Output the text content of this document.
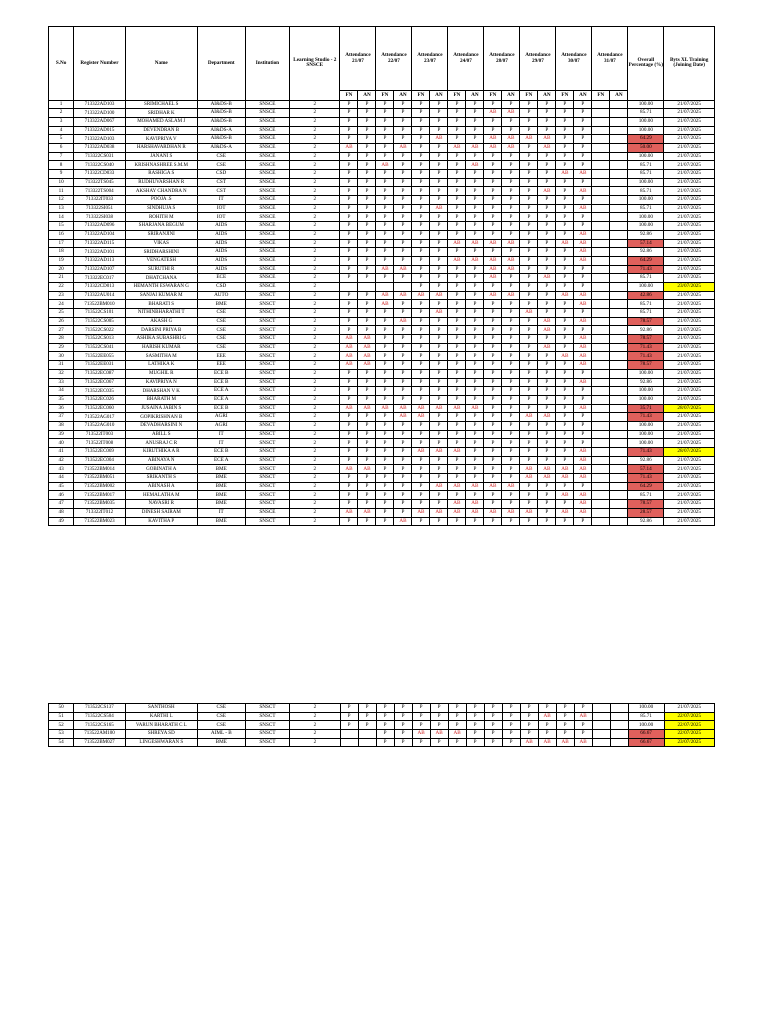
S.No	Register Number	Name	Department	Institution	Learning Studio - 2 SNSCE	Attendance 21/07		Attendance 22/07		Attendance 23/07		Attendance 24/07		Attendance 28/07		Attendance 29/07		Attendance 30/07		Attendance 31/07		Overall Percentage (%)	Byts XL Training (Joining Date)
						FN	AN	FN	AN	FN	AN	FN	AN	FN	AN	FN	AN	FN	AN	FN	AN		
1	713322AD103	SRIMICHAEL S	AI&DS-B	SNSCE	2	P	P	P	P	P	P	P	P	P	P	P	P	P	P			100.00	21/07/2025
2	713322AD100	SRIDHAR K	AI&DS-B	SNSCE	2	P	P	P	P	P	P	P	P	AB	AB	P	P	P	P			85.71	21/07/2025
3	713322AD067	MOHAMED ASLAM J	AI&DS-B	SNSCE	2	P	P	P	P	P	P	P	P	P	P	P	P	P	P			100.00	21/07/2025
4	713322AD015	DEVENDRAN B	AI&DS-A	SNSCE	2	P	P	P	P	P	P	P	P	P	P	P	P	P	P			100.00	21/07/2025
5	713322AD103	KAVIPRIYA V	AI&DS-B	SNSCE	2	P	P	P	P	P	AB	P	P	AB	AB	AB	AB	P	P			64.29	21/07/2025
6	713322AD038	HARSHAVARDHAN R	AI&DS-A	SNSCE	2	AB	P	P	AB	P	P	AB	AB	AB	AB	P	AB	P	P			50.00	21/07/2025
7	713322CS031	JANANI S	CSE	SNSCE	2	P	P	P	P	P	P	P	P	P	P	P	P	P	P			100.00	21/07/2025
8	713322CS040	KRISHNASHREE S.M.M	CSE	SNSCE	2	P	P	AB	P	P	P	P	AB	P	P	P	P	P	P			85.71	21/07/2025
9	713322CD033	RASHIGA S	CSD	SNSCE	2	P	P	P	P	P	P	P	P	P	P	P	P	AB	AB			85.71	21/07/2025
10	713322TS045	RUDHUVARSHAN R	CST	SNSCE	2	P	P	P	P	P	P	P	P	P	P	P	P	P	P			100.00	21/07/2025
11	713322TS004	AKSHAY CHANDRA N	CST	SNSCE	2	P	P	P	P	P	P	P	P	P	P	P	AB	P	AB			85.71	21/07/2025
12	713322IT033	POOJA .S	IT	SNSCE	2	P	P	P	P	P	P	P	P	P	P	P	P	P	P			100.00	21/07/2025
13	713322SI051	SINDHUJA S	IOT	SNSCE	2	P	P	P	P	P	AB	P	P	P	P	P	P	P	AB			85.71	21/07/2025
14	713322SI038	ROHITH M	IOT	SNSCE	2	P	P	P	P	P	P	P	P	P	P	P	P	P	P			100.00	21/07/2025
15	713322AD096	SHARJANA BEGUM	AIDS	SNSCE	2	P	P	P	P	P	P	P	P	P	P	P	P	P	P			100.00	21/07/2025
16	713322AD104	SRIRANJINI	AIDS	SNSCE	2	P	P	P	P	P	P	P	P	P	P	P	P	P	AB			92.86	21/07/2025
17	713322AD115	VIKAS	AIDS	SNSCE	2	P	P	P	P	P	P	AB	AB	AB	AB	P	P	AB	AB			57.14	21/07/2025
18	713322AD101	SRIDHARSHINI	AIDS	SNSCE	2	P	P	P	P	P	P	P	P	P	P	P	P	P	AB			92.86	21/07/2025
19	713322AD113	VENGATESH	AIDS	SNSCE	2	P	P	P	P	P	P	AB	AB	AB	AB	P	P	P	AB			64.29	21/07/2025
20	713322AD107	SURUTHI R	AIDS	SNSCE	2	P	P	AB	AB	P	P	P	P	AB	AB	P	P	P	P			71.43	21/07/2025
21	713322EC017	DHATCHANA	ECE	SNSCE	2	P	P	P	P	P	P	P	P	AB	P	P	AB	P	P			85.71	21/07/2025
22	713322CD013	HEMANTH ESWARAN G	CSD	SNSCE	2					P	P	P	P	P	P	P	P	P	P			100.00	23/07/2025
23	713322AU014	SANJAI KUMAR M	AUTO	SNSCT	2	P	P	AB	AB	AB	AB	P	P	AB	AB	P	P	AB	AB			42.86	21/07/2025
24	713522BM010	BHARATI S	BME	SNSCT	2	P	P	AB	P	P	P	P	P	P	P	P	P	P	AB			85.71	21/07/2025
25	713522CS101	NITHINBHARATHI T	CSE	SNSCT	2	P	P	P	P	P	AB	P	P	P	P	AB	P	P	P			85.71	21/07/2025
26	713522CS005	AKASH G	CSE	SNSCT	2	P	P	P	AB	P	P	P	P	P	P	P	AB	P	AB			78.57	21/07/2025
27	713522CS022	DARSINI PRIYA B	CSE	SNSCT	2	P	P	P	P	P	P	P	P	P	P	P	AB	P	P			92.86	21/07/2025
28	713522CS013	ASHIKA SUBASHRI G	CSE	SNSCT	2	AB	AB	P	P	P	P	P	P	P	P	P	P	P	AB			78.57	21/07/2025
29	713522CS041	HARISH KUMAR	CSE	SNSCT	2	AB	AB	P	P	P	P	P	P	P	P	P	AB	P	AB			71.43	21/07/2025
30	713522EE055	SASMITHA M	EEE	SNSCT	2	AB	AB	P	P	P	P	P	P	P	P	P	P	AB	AB			71.43	21/07/2025
31	713522EE031	LATHIKA K	EEE	SNSCT	2	AB	AB	P	P	P	P	P	P	P	P	P	P	P	AB			78.57	21/07/2025
32	713522EC087	MUGHIL R	ECE B	SNSCT	2	P	P	P	P	P	P	P	P	P	P	P	P	P	P			100.00	21/07/2025
33	713522EC067	KAVIPRIYA N	ECE B	SNSCT	2	P	P	P	P	P	P	P	P	P	P	P	P	P	AB			92.86	21/07/2025
34	713522EC035	DHARSHAN V K	ECE A	SNSCT	2	P	P	P	P	P	P	P	P	P	P	P	P	P	P			100.00	21/07/2025
35	713522EC026	BHARATH M	ECE A	SNSCT	2	P	P	P	P	P	P	P	P	P	P	P	P	P	P			100.00	21/07/2025
36	713522EC060	JUSAINA JABIN S	ECE B	SNSCT	2	AB	AB	AB	AB	AB	AB	AB	AB	P	P	P	P	P	AB			35.71	28/07/2025
37	713522AG017	GOPIKRISHNAN B	AGRI	SNSCT	2	P	P	P	AB	AB	P	P	P	P	P	AB	AB	P	P			71.43	21/07/2025
38	713522AG010	DEVADHARSINI N	AGRI	SNSCT	2	P	P	P	P	P	P	P	P	P	P	P	P	P	P			100.00	21/07/2025
39	713522IT003	ABILL S	IT	SNSCT	2	P	P	P	P	P	P	P	P	P	P	P	P	P	P			100.00	21/07/2025
40	713522IT008	ANUSRAJ C R	IT	SNSCT	2	P	P	P	P	P	P	P	P	P	P	P	P	P	P			100.00	21/07/2025
41	713522EC069	KIRUTHIKA A R	ECE B	SNSCT	2	P	P	P	P	AB	AB	AB	P	P	P	P	P	P	AB			71.43	28/07/2025
42	713522EC004	ABINAYA N	ECE A	SNSCT	2	P	P	P	P	P	P	P	P	P	P	P	P	P	AB			92.86	21/07/2025
43	713522BM014	GOBINATH A	BME	SNSCT	2	AB	AB	P	P	P	P	P	P	P	P	AB	AB	AB	AB			57.14	21/07/2025
44	713522BM051	SRIKANTH S	BME	SNSCT	2	P	P	P	P	P	P	P	P	P	P	AB	AB	AB	AB			71.43	21/07/2025
45	713522BM002	ABINASH A	BME	SNSCT	2	P	P	P	P	P	AB	AB	AB	AB	AB	P	P	P	P			64.29	21/07/2025
46	713522BM017	HEMALATHA M	BME	SNSCT	2	P	P	P	P	P	P	P	P	P	P	P	P	AB	AB			85.71	21/07/2025
47	713522BM035	NAVASRI R	BME	SNSCT	2	P	P	P	P	P	P	AB	AB	P	P	P	P	P	AB			78.57	21/07/2025
48	713322IT012	DINESH SAIRAM	IT	SNSCE	2	AB	AB	P	P	AB	AB	AB	AB	AB	AB	AB	P	AB	AB			28.57	21/07/2025
49	713522BM023	KAVITHA P	BME	SNSCT	2	P	P	P	AB	P	P	P	P	P	P	P	P	P	P			92.86	21/07/2025
50	713522CS137	SANTHOSH	CSE	SNSCT	2	P	P	P	P	P	P	P	P	P	P	P	P	P	P			100.00	21/07/2025
51	713522CS504	KARTHI L	CSE	SNSCT	2	P	P	P	P	P	P	P	P	P	P	P	AB	P	AB			85.71	22/07/2025
52	713522CS165	VARUN BHARATH C L	CSE	SNSCT	2	P	P	P	P	P	P	P	P	P	P	P	P	P	P			100.00	22/07/2025
53	713522AM100	SHREYA SD	AIML - B	SNSCT	2			P	P	AB	AB	AB	P	P	P	P	P	P	P			66.67	22/07/2025
54	713522BM027	LINGESHWARAN S	BME	SNSCT	2			P	P	P	P	P	P	P	P	AB	AB	AB	AB			66.67	23/07/2025
